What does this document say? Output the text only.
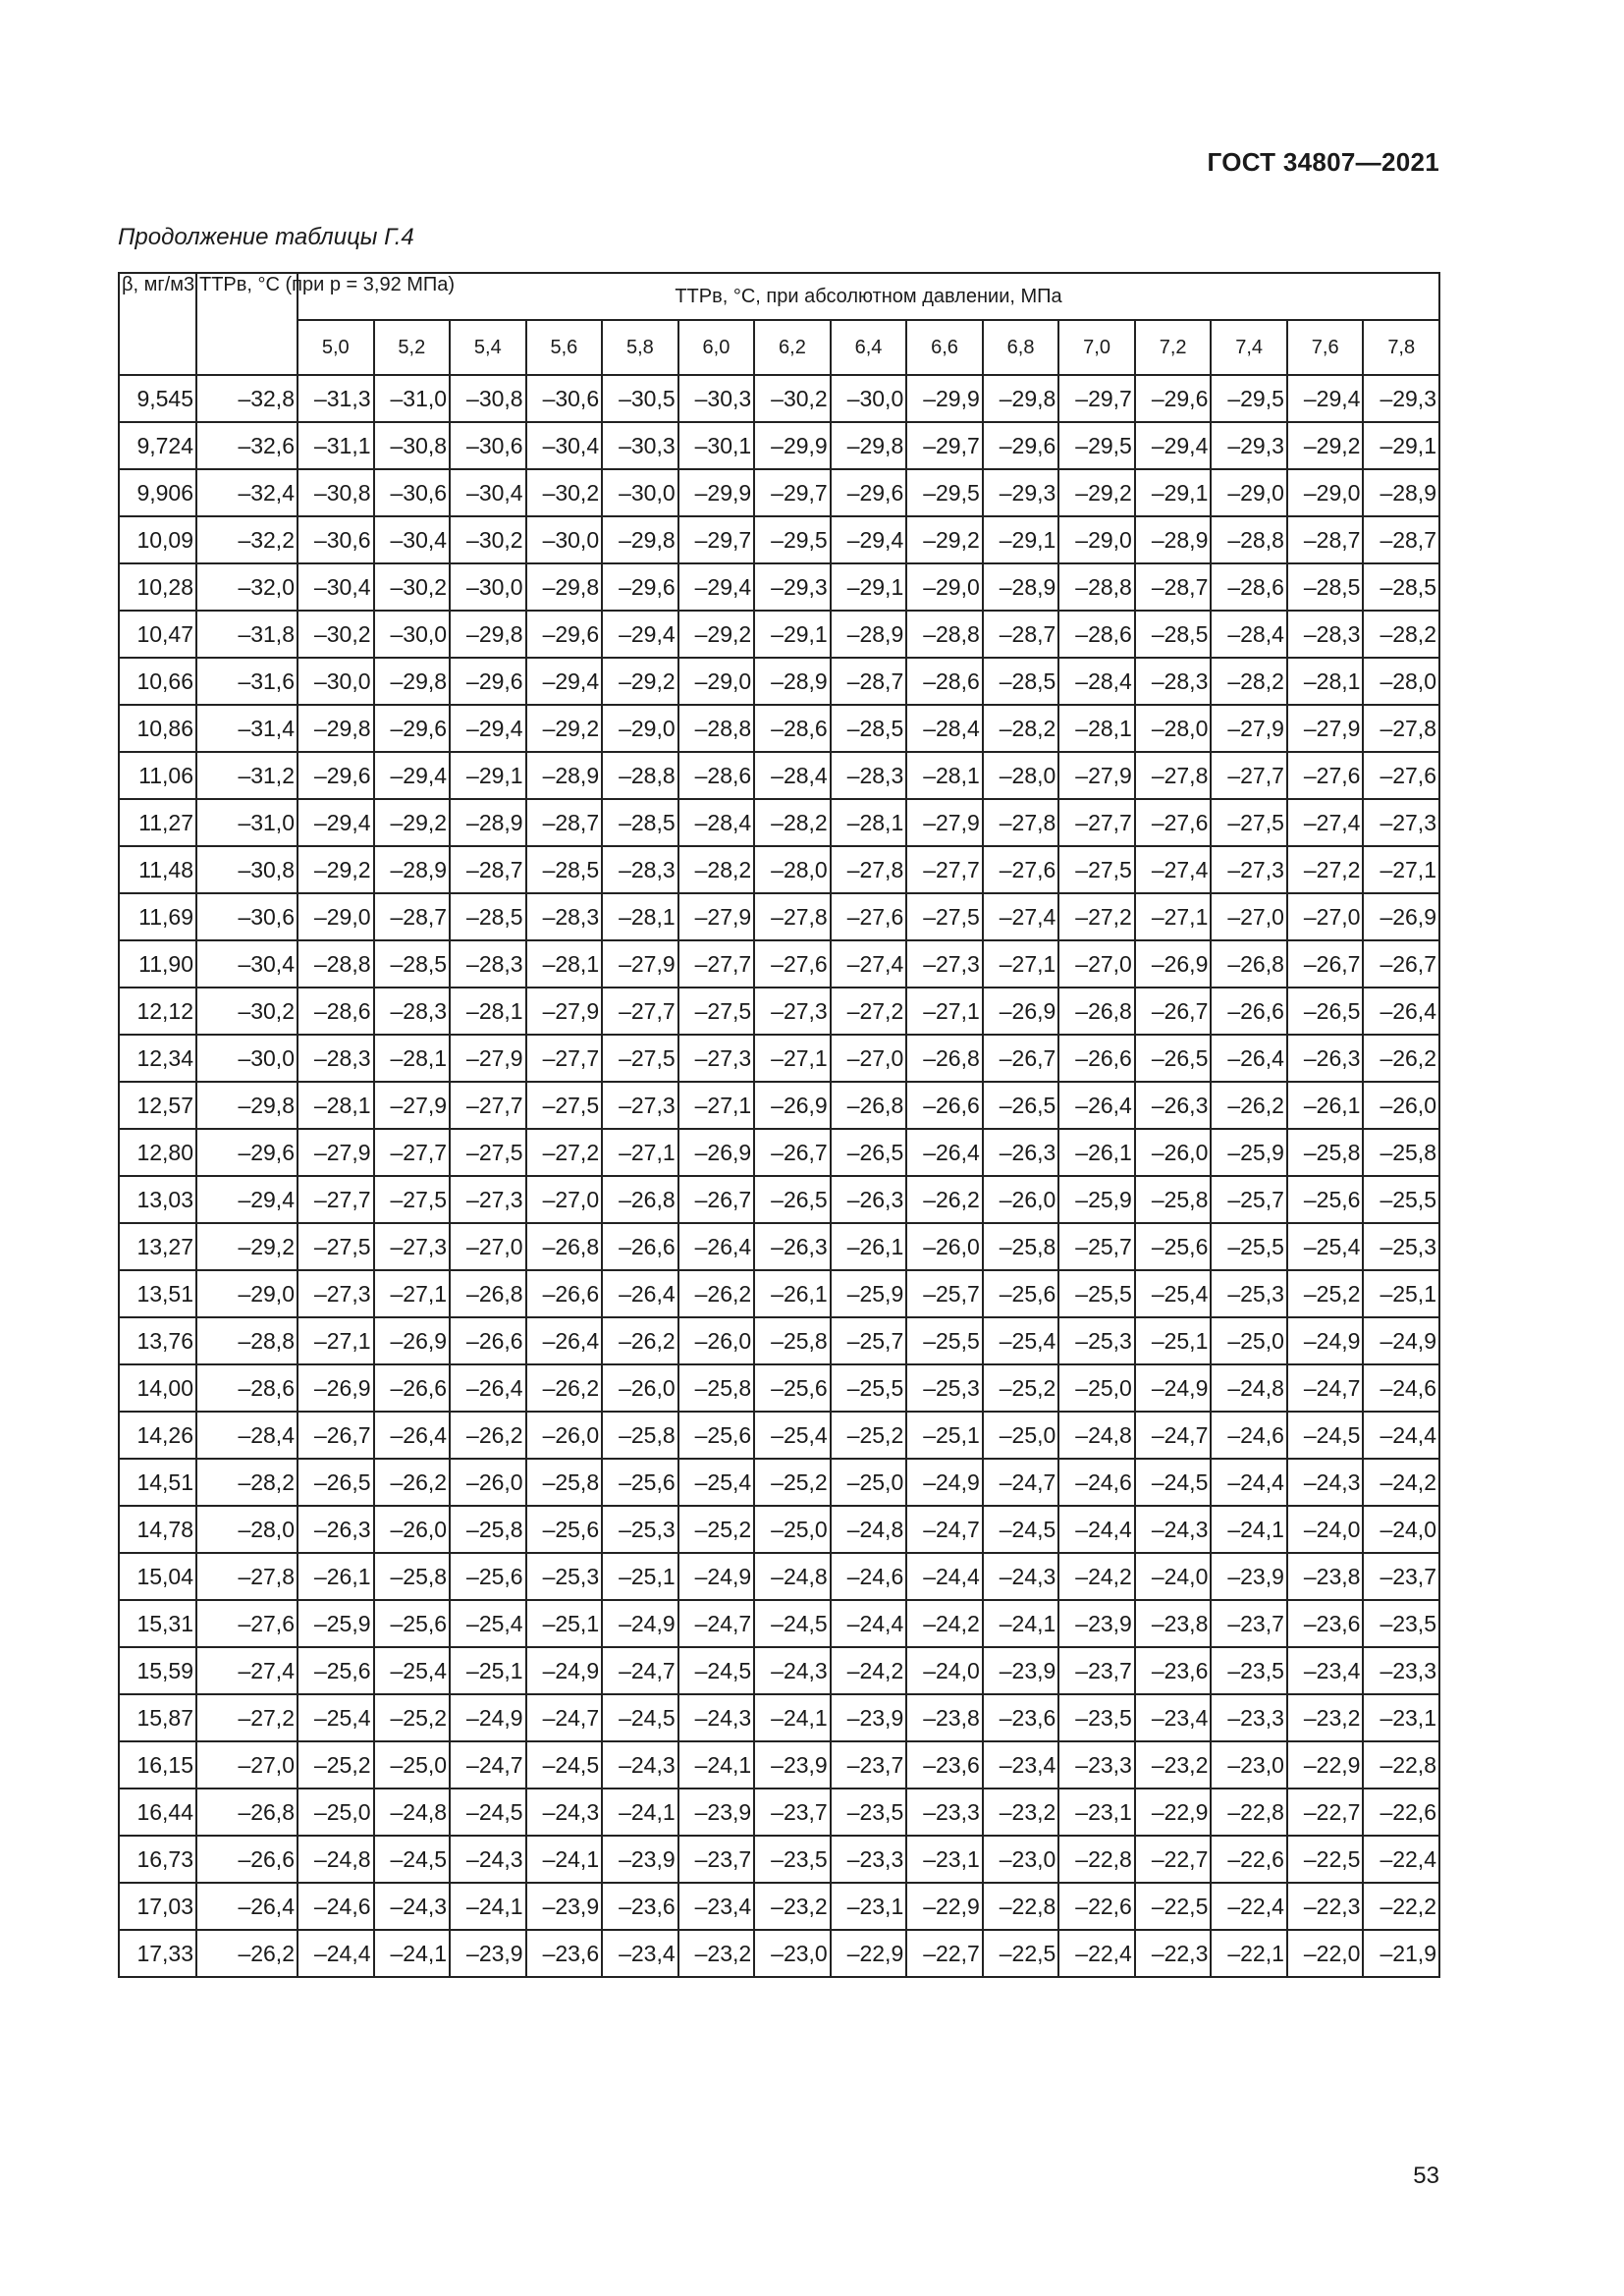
ГОСТ 34807—2021
Продолжение таблицы Г.4
β, мг/м3	ТТРв, °С (при p = 3,92 МПа)	ТТРв, °С, при абсолютном давлении, МПа														
		5,0	5,2	5,4	5,6	5,8	6,0	6,2	6,4	6,6	6,8	7,0	7,2	7,4	7,6	7,8
9,545	–32,8	–31,3	–31,0	–30,8	–30,6	–30,5	–30,3	–30,2	–30,0	–29,9	–29,8	–29,7	–29,6	–29,5	–29,4	–29,3
9,724	–32,6	–31,1	–30,8	–30,6	–30,4	–30,3	–30,1	–29,9	–29,8	–29,7	–29,6	–29,5	–29,4	–29,3	–29,2	–29,1
9,906	–32,4	–30,8	–30,6	–30,4	–30,2	–30,0	–29,9	–29,7	–29,6	–29,5	–29,3	–29,2	–29,1	–29,0	–29,0	–28,9
10,09	–32,2	–30,6	–30,4	–30,2	–30,0	–29,8	–29,7	–29,5	–29,4	–29,2	–29,1	–29,0	–28,9	–28,8	–28,7	–28,7
10,28	–32,0	–30,4	–30,2	–30,0	–29,8	–29,6	–29,4	–29,3	–29,1	–29,0	–28,9	–28,8	–28,7	–28,6	–28,5	–28,5
10,47	–31,8	–30,2	–30,0	–29,8	–29,6	–29,4	–29,2	–29,1	–28,9	–28,8	–28,7	–28,6	–28,5	–28,4	–28,3	–28,2
10,66	–31,6	–30,0	–29,8	–29,6	–29,4	–29,2	–29,0	–28,9	–28,7	–28,6	–28,5	–28,4	–28,3	–28,2	–28,1	–28,0
10,86	–31,4	–29,8	–29,6	–29,4	–29,2	–29,0	–28,8	–28,6	–28,5	–28,4	–28,2	–28,1	–28,0	–27,9	–27,9	–27,8
11,06	–31,2	–29,6	–29,4	–29,1	–28,9	–28,8	–28,6	–28,4	–28,3	–28,1	–28,0	–27,9	–27,8	–27,7	–27,6	–27,6
11,27	–31,0	–29,4	–29,2	–28,9	–28,7	–28,5	–28,4	–28,2	–28,1	–27,9	–27,8	–27,7	–27,6	–27,5	–27,4	–27,3
11,48	–30,8	–29,2	–28,9	–28,7	–28,5	–28,3	–28,2	–28,0	–27,8	–27,7	–27,6	–27,5	–27,4	–27,3	–27,2	–27,1
11,69	–30,6	–29,0	–28,7	–28,5	–28,3	–28,1	–27,9	–27,8	–27,6	–27,5	–27,4	–27,2	–27,1	–27,0	–27,0	–26,9
11,90	–30,4	–28,8	–28,5	–28,3	–28,1	–27,9	–27,7	–27,6	–27,4	–27,3	–27,1	–27,0	–26,9	–26,8	–26,7	–26,7
12,12	–30,2	–28,6	–28,3	–28,1	–27,9	–27,7	–27,5	–27,3	–27,2	–27,1	–26,9	–26,8	–26,7	–26,6	–26,5	–26,4
12,34	–30,0	–28,3	–28,1	–27,9	–27,7	–27,5	–27,3	–27,1	–27,0	–26,8	–26,7	–26,6	–26,5	–26,4	–26,3	–26,2
12,57	–29,8	–28,1	–27,9	–27,7	–27,5	–27,3	–27,1	–26,9	–26,8	–26,6	–26,5	–26,4	–26,3	–26,2	–26,1	–26,0
12,80	–29,6	–27,9	–27,7	–27,5	–27,2	–27,1	–26,9	–26,7	–26,5	–26,4	–26,3	–26,1	–26,0	–25,9	–25,8	–25,8
13,03	–29,4	–27,7	–27,5	–27,3	–27,0	–26,8	–26,7	–26,5	–26,3	–26,2	–26,0	–25,9	–25,8	–25,7	–25,6	–25,5
13,27	–29,2	–27,5	–27,3	–27,0	–26,8	–26,6	–26,4	–26,3	–26,1	–26,0	–25,8	–25,7	–25,6	–25,5	–25,4	–25,3
13,51	–29,0	–27,3	–27,1	–26,8	–26,6	–26,4	–26,2	–26,1	–25,9	–25,7	–25,6	–25,5	–25,4	–25,3	–25,2	–25,1
13,76	–28,8	–27,1	–26,9	–26,6	–26,4	–26,2	–26,0	–25,8	–25,7	–25,5	–25,4	–25,3	–25,1	–25,0	–24,9	–24,9
14,00	–28,6	–26,9	–26,6	–26,4	–26,2	–26,0	–25,8	–25,6	–25,5	–25,3	–25,2	–25,0	–24,9	–24,8	–24,7	–24,6
14,26	–28,4	–26,7	–26,4	–26,2	–26,0	–25,8	–25,6	–25,4	–25,2	–25,1	–25,0	–24,8	–24,7	–24,6	–24,5	–24,4
14,51	–28,2	–26,5	–26,2	–26,0	–25,8	–25,6	–25,4	–25,2	–25,0	–24,9	–24,7	–24,6	–24,5	–24,4	–24,3	–24,2
14,78	–28,0	–26,3	–26,0	–25,8	–25,6	–25,3	–25,2	–25,0	–24,8	–24,7	–24,5	–24,4	–24,3	–24,1	–24,0	–24,0
15,04	–27,8	–26,1	–25,8	–25,6	–25,3	–25,1	–24,9	–24,8	–24,6	–24,4	–24,3	–24,2	–24,0	–23,9	–23,8	–23,7
15,31	–27,6	–25,9	–25,6	–25,4	–25,1	–24,9	–24,7	–24,5	–24,4	–24,2	–24,1	–23,9	–23,8	–23,7	–23,6	–23,5
15,59	–27,4	–25,6	–25,4	–25,1	–24,9	–24,7	–24,5	–24,3	–24,2	–24,0	–23,9	–23,7	–23,6	–23,5	–23,4	–23,3
15,87	–27,2	–25,4	–25,2	–24,9	–24,7	–24,5	–24,3	–24,1	–23,9	–23,8	–23,6	–23,5	–23,4	–23,3	–23,2	–23,1
16,15	–27,0	–25,2	–25,0	–24,7	–24,5	–24,3	–24,1	–23,9	–23,7	–23,6	–23,4	–23,3	–23,2	–23,0	–22,9	–22,8
16,44	–26,8	–25,0	–24,8	–24,5	–24,3	–24,1	–23,9	–23,7	–23,5	–23,3	–23,2	–23,1	–22,9	–22,8	–22,7	–22,6
16,73	–26,6	–24,8	–24,5	–24,3	–24,1	–23,9	–23,7	–23,5	–23,3	–23,1	–23,0	–22,8	–22,7	–22,6	–22,5	–22,4
17,03	–26,4	–24,6	–24,3	–24,1	–23,9	–23,6	–23,4	–23,2	–23,1	–22,9	–22,8	–22,6	–22,5	–22,4	–22,3	–22,2
17,33	–26,2	–24,4	–24,1	–23,9	–23,6	–23,4	–23,2	–23,0	–22,9	–22,7	–22,5	–22,4	–22,3	–22,1	–22,0	–21,9
53
